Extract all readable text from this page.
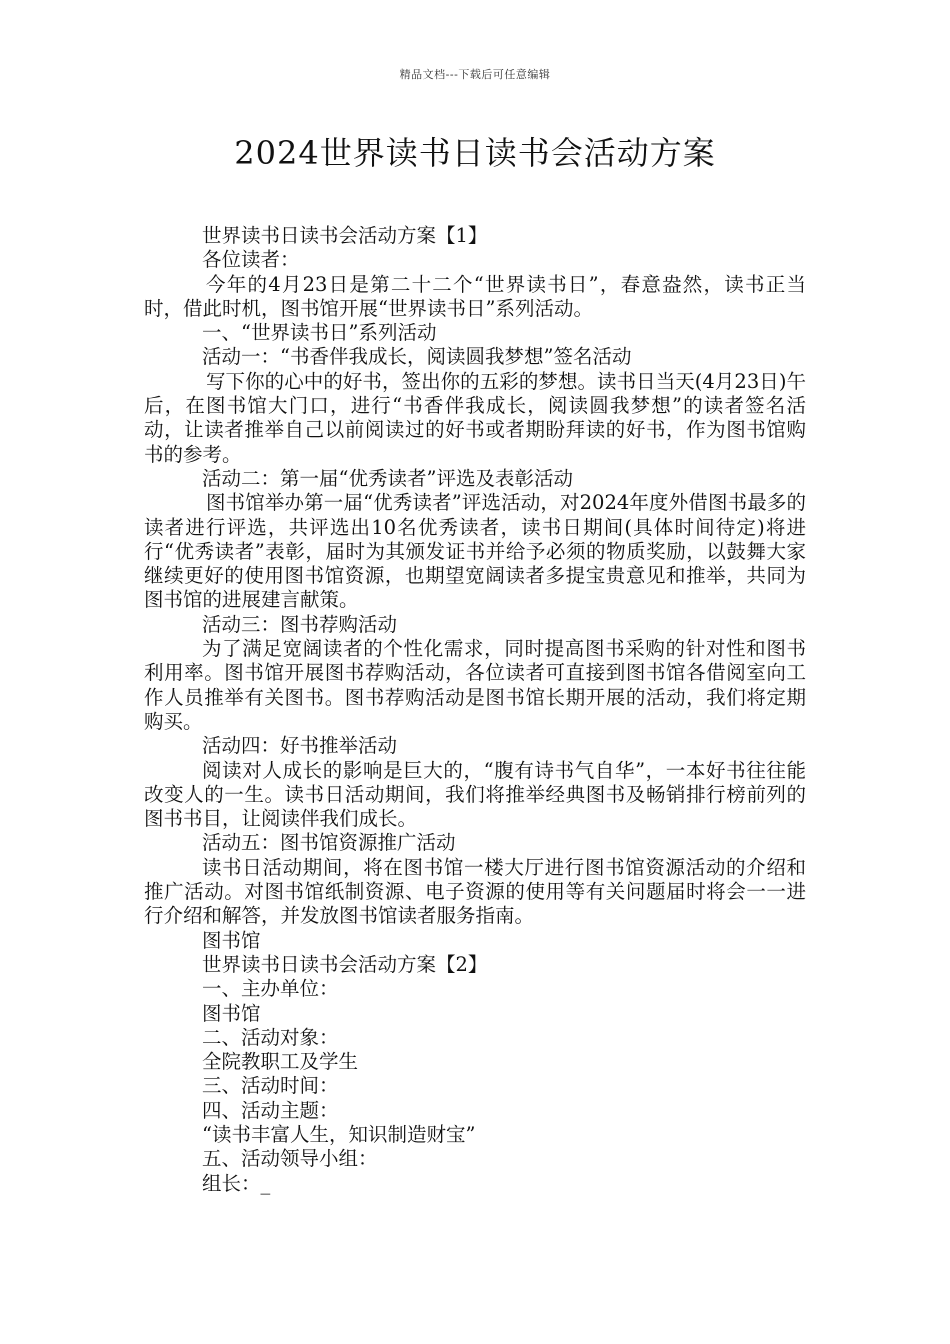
精品文档---下载后可任意编辑
2024世界读书日读书会活动方案

世界读书日读书会活动方案【1】

各位读者：

今年的4月23日是第二十二个“世界读书日”，春意盎然，读书正当时，借此时机，图书馆开展“世界读书日”系列活动。

一、“世界读书日”系列活动

活动一：“书香伴我成长，阅读圆我梦想”签名活动

写下你的心中的好书，签出你的五彩的梦想。读书日当天(4月23日)午后，在图书馆大门口，进行“书香伴我成长，阅读圆我梦想”的读者签名活动，让读者推举自己以前阅读过的好书或者期盼拜读的好书，作为图书馆购书的参考。

活动二：第一届“优秀读者”评选及表彰活动

图书馆举办第一届“优秀读者”评选活动，对2024年度外借图书最多的读者进行评选，共评选出10名优秀读者，读书日期间(具体时间待定)将进行“优秀读者”表彰，届时为其颁发证书并给予必须的物质奖励，以鼓舞大家继续更好的使用图书馆资源，也期望宽阔读者多提宝贵意见和推举，共同为图书馆的进展建言献策。

活动三：图书荐购活动

为了满足宽阔读者的个性化需求，同时提高图书采购的针对性和图书利用率。图书馆开展图书荐购活动，各位读者可直接到图书馆各借阅室向工作人员推举有关图书。图书荐购活动是图书馆长期开展的活动，我们将定期购买。

活动四：好书推举活动

阅读对人成长的影响是巨大的，“腹有诗书气自华”，一本好书往往能改变人的一生。读书日活动期间，我们将推举经典图书及畅销排行榜前列的图书书目，让阅读伴我们成长。

活动五：图书馆资源推广活动

读书日活动期间，将在图书馆一楼大厅进行图书馆资源活动的介绍和推广活动。对图书馆纸制资源、电子资源的使用等有关问题届时将会一一进行介绍和解答，并发放图书馆读者服务指南。

图书馆

世界读书日读书会活动方案【2】

一、主办单位：

图书馆

二、活动对象：

全院教职工及学生

三、活动时间：

四、活动主题：

“读书丰富人生，知识制造财宝”

五、活动领导小组：

组长：_
